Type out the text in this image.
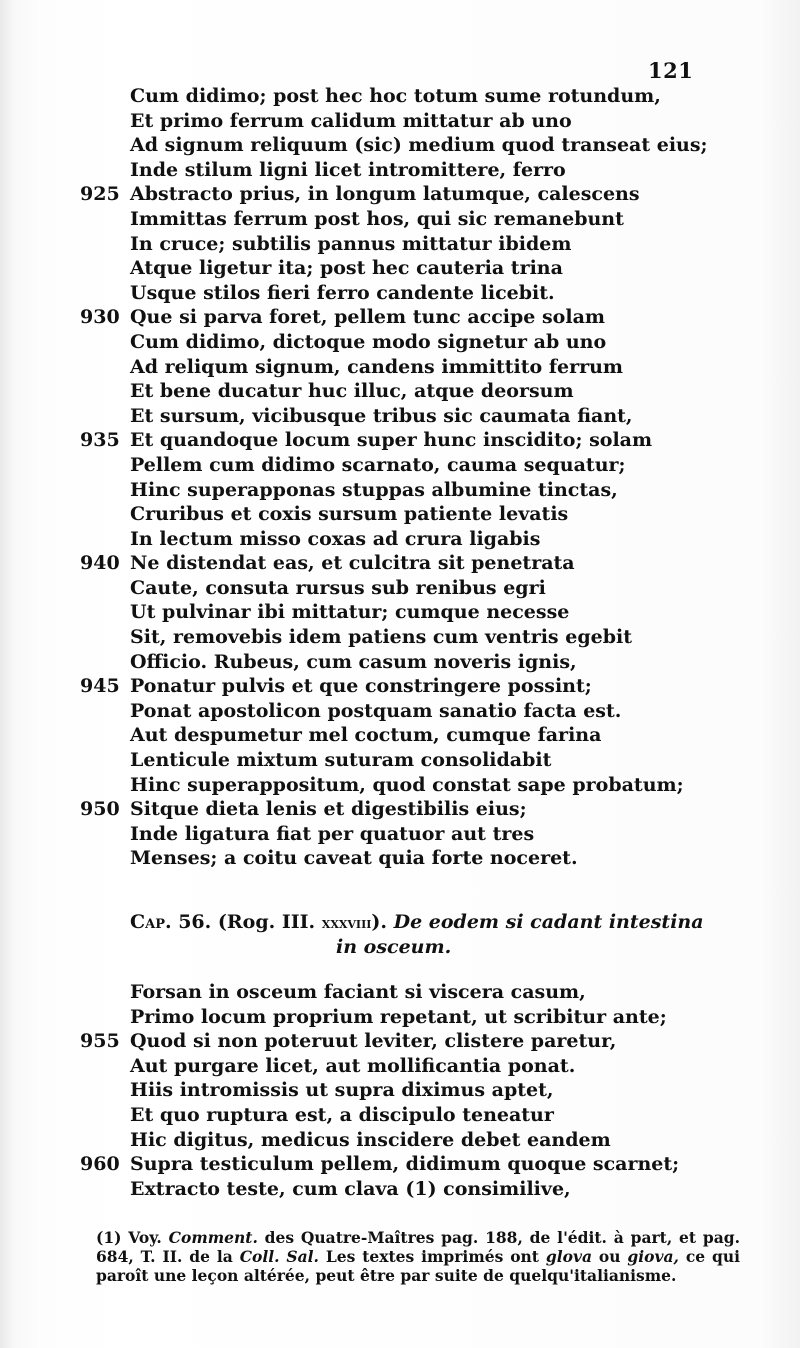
121
Cum didimo; post hec hoc totum sume rotundum,
Et primo ferrum calidum mittatur ab uno
Ad signum reliquum (sic) medium quod transeat eius;
Inde stilum ligni licet intromittere, ferro
925 Abstracto prius, in longum latumque, calescens
Immittas ferrum post hos, qui sic remanebunt
In cruce; subtilis pannus mittatur ibidem
Atque ligetur ita; post hec cauteria trina
Usque stilos fieri ferro candente licebit.
930 Que si parva foret, pellem tunc accipe solam
Cum didimo, dictoque modo signetur ab uno
Ad reliqum signum, candens immittito ferrum
Et bene ducatur huc illuc, atque deorsum
Et sursum, vicibusque tribus sic caumata fiant,
935 Et quandoque locum super hunc inscidito; solam
Pellem cum didimo scarnato, cauma sequatur;
Hinc superapponas stuppas albumine tinctas,
Cruribus et coxis sursum patiente levatis
In lectum misso coxas ad crura ligabis
940 Ne distendat eas, et culcitra sit penetrata
Caute, consuta rursus sub renibus egri
Ut pulvinar ibi mittatur; cumque necesse
Sit, removebis idem patiens cum ventris egebit
Officio. Rubeus, cum casum noveris ignis,
945 Ponatur pulvis et que constringere possint;
Ponat apostolicon postquam sanatio facta est.
Aut despumetur mel coctum, cumque farina
Lenticule mixtum suturam consolidabit
Hinc superappositum, quod constat sape probatum;
950 Sitque dieta lenis et digestibilis eius;
Inde ligatura fiat per quatuor aut tres
Menses; a coitu caveat quia forte noceret.
Cap. 56. (Rog. III. xxxviii). De eodem si cadant intestina
in osceum.
Forsan in osceum faciant si viscera casum,
Primo locum proprium repetant, ut scribitur ante;
955 Quod si non poteruut leviter, clistere paretur,
Aut purgare licet, aut mollificantia ponat.
Hiis intromissis ut supra diximus aptet,
Et quo ruptura est, a discipulo teneatur
Hic digitus, medicus inscidere debet eandem
960 Supra testiculum pellem, didimum quoque scarnet;
Extracto teste, cum clava (1) consimilive,
(1) Voy. Comment. des Quatre-Maîtres pag. 188, de l'édit. à part, et pag. 684, T. II. de la Coll. Sal. Les textes imprimés ont glova ou giova, ce qui paroît une leçon altérée, peut être par suite de quelqu'italianisme.
